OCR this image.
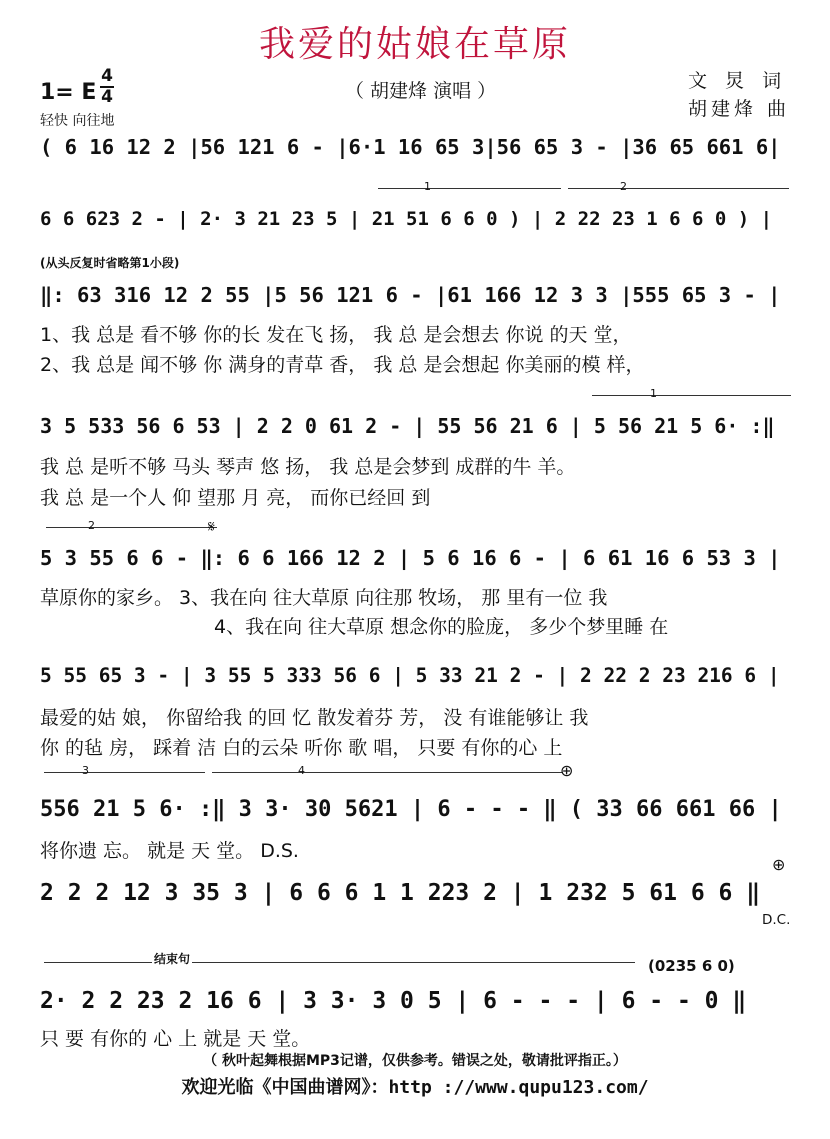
我爱的姑娘在草原
（ 胡建烽 演唱 ）
1= E
4
4
文 炅 词
胡建烽 曲
轻快 向往地
( 6 16 12 2 |56 121 6 - |6·1 16 65 3|56 65 3 - |36 65 661 6|
1	2
6 6 623 2 - | 2· 3 21 23 5 | 21 51 6 6 0 ) | 2 22 23 1 6 6 0 ) |
(从头反复时省略第1小段)
‖: 63 316 12 2 55 |5 56 121 6 - |61 166 12 3 3 |555 65 3 - |
1、我 总是 看不够 你的长 发在飞 扬， 我 总 是会想去 你说 的天 堂，
2、我 总是 闻不够 你 满身的青草 香， 我 总 是会想起 你美丽的模 样，
1
3 5 533 56 6 53 | 2 2 0 61 2 - | 55 56 21 6 | 5 56 21 5 6· :‖
我 总 是听不够 马头 琴声 悠 扬， 我 总是会梦到 成群的牛 羊。
我 总 是一个人 仰 望那 月 亮， 而你已经回 到
2	𝄋
5 3 55 6 6 - ‖: 6 6 166 12 2 | 5 6 16 6 - | 6 61 16 6 53 3 |
草原你的家乡。 3、我在向 往大草原 向往那 牧场， 那 里有一位 我
4、我在向 往大草原 想念你的脸庞， 多少个梦里睡 在
5 55 65 3 - | 3 55 5 333 56 6 | 5 33 21 2 - | 2 22 2 23 216 6 |
最爱的姑 娘， 你留给我 的回 忆 散发着芬 芳， 没 有谁能够让 我
你 的毡 房， 踩着 洁 白的云朵 听你 歌 唱， 只要 有你的心 上
3	4	⊕
556 21 5 6· :‖ 3 3· 30 5621 | 6 - - - ‖ ( 33 66 661 66 |
将你遗 忘。 就是 天 堂。 D.S.
⊕
2 2 2 12 3 35 3 | 6 6 6 1 1 223 2 | 1 232 5 61 6 6 ‖
D.C.
结束句	(0235 6 0)
2· 2 2 23 2 16 6 | 3 3· 3 0 5 | 6 - - - | 6 - - 0 ‖
只 要 有你的 心 上 就是 天 堂。
（ 秋叶起舞根据MP3记谱，仅供参考。错误之处，敬请批评指正。）
欢迎光临《中国曲谱网》：http ://www.qupu123.com/
